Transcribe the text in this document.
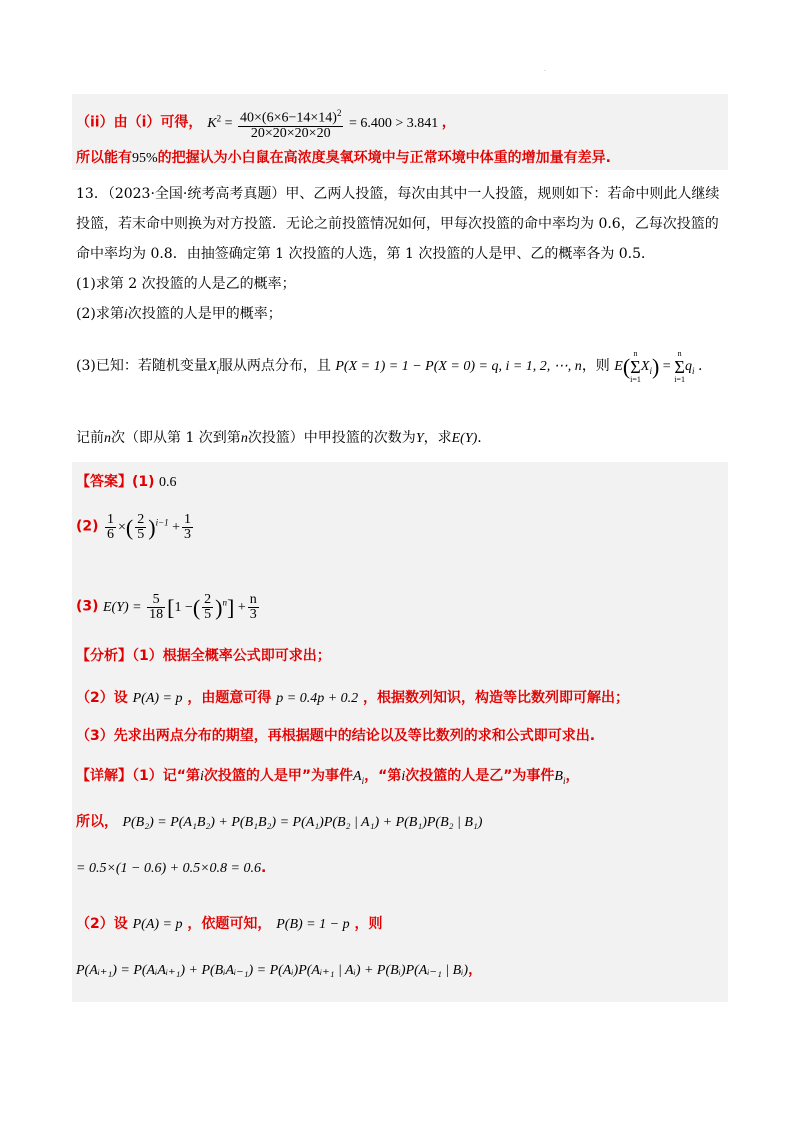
.
（ii）由（i）可得， $K^2 = \frac{40\times(6\times 6-14\times 14)^2}{20\times 20\times 20\times 20} = 6.400 > 3.841$ ，
所以能有95%的把握认为小白鼠在高浓度臭氧环境中与正常环境中体重的增加量有差异.
13．（2023·全国·统考高考真题）甲、乙两人投篮，每次由其中一人投篮，规则如下：若命中则此人继续
投篮，若末命中则换为对方投篮．无论之前投篮情况如何，甲每次投篮的命中率均为 0.6，乙每次投篮的
命中率均为 0.8．由抽签确定第 1 次投篮的人选，第 1 次投篮的人是甲、乙的概率各为 0.5．
(1)求第 2 次投篮的人是乙的概率；
(2)求第i次投篮的人是甲的概率；
(3)已知：若随机变量$X_i$服从两点分布，且 P(X = 1) = 1 − P(X = 0) = q, i = 1, 2, ⋯, n，则 E(
n
Σ
i=1
$X_i$) =
n
Σ
i=1
$q_i$ .
记前n次（即从第 1 次到第n次投篮）中甲投篮的次数为Y，求E(Y).
【答案】(1) 0.6
$(2) \frac{1}{6}$ ×( $\frac{2}{5} )^{i-1} + \frac{1}{3}$
(3) $E(Y) = \frac{5}{18} [1$ −( $\frac{2}{5} )^n] + \frac{n}{3}$
【分析】（1）根据全概率公式即可求出；
（2）设 P(A) = p ，由题意可得 p = 0.4p + 0.2 ，根据数列知识，构造等比数列即可解出；
（3）先求出两点分布的期望，再根据题中的结论以及等比数列的求和公式即可求出.
【详解】（1）记“第i次投篮的人是甲”为事件$A_i$，“第i次投篮的人是乙”为事件$B_i$，
所以， P(B₂) = P(A₁B₂) + P(B₁B₂) = P(A₁)P(B₂ | A₁) + P(B₁)P(B₂ | B₁)
= 0.5×(1 − 0.6) + 0.5×0.8 = 0.6.
（2）设 P(A) = p ，依题可知， P(B) = 1 − p ，则
P(Aᵢ₊₁) = P(AᵢAᵢ₊₁) + P(BᵢAᵢ₋₁) = P(Aᵢ)P(Aᵢ₊₁ | Aᵢ) + P(Bᵢ)P(Aᵢ₋₁ | Bᵢ)，
